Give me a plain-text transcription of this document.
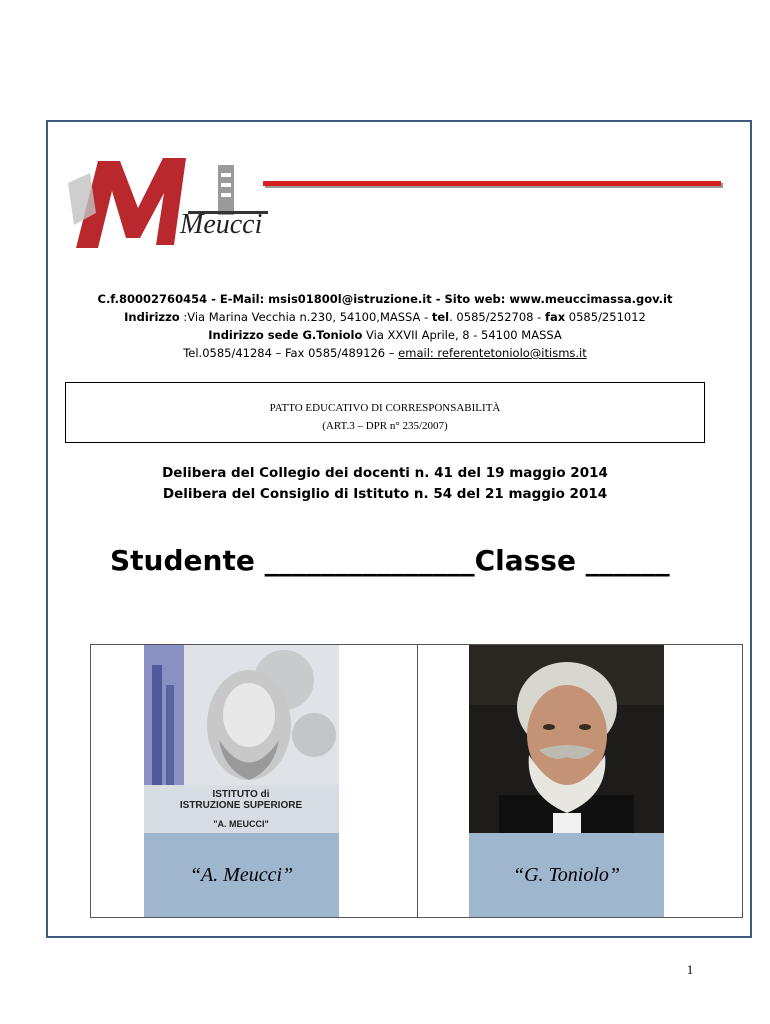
Meucci
C.f.80002760454 - E-Mail: msis01800l@istruzione.it - Sito web: www.meuccimassa.gov.it
Indirizzo :Via Marina Vecchia n.230, 54100,MASSA - tel. 0585/252708 - fax 0585/251012
Indirizzo sede G.Toniolo Via XXVII Aprile, 8 - 54100 MASSA
Tel.0585/41284 – Fax 0585/489126 – email: referentetoniolo@itisms.it
PATTO EDUCATIVO DI CORRESPONSABILITÀ
(ART.3 – DPR n° 235/2007)
Delibera del Collegio dei docenti n. 41 del 19 maggio 2014
Delibera del Consiglio di Istituto n. 54 del 21 maggio 2014
Studente _______________Classe ______
ISTITUTO di
ISTRUZIONE SUPERIORE
"A. MEUCCI"
“A. Meucci”	“G. Toniolo”
1
